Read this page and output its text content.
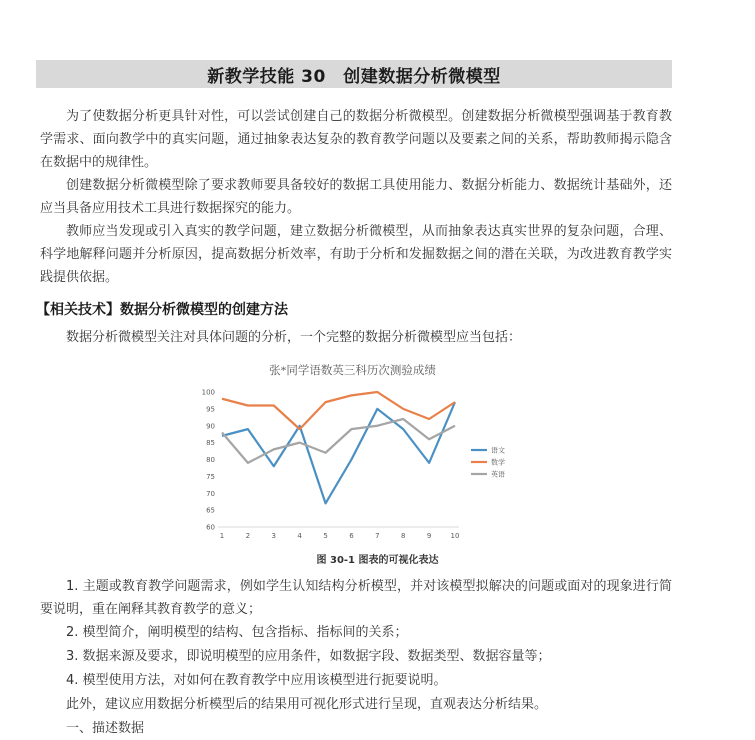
新教学技能 30　创建数据分析微模型

为了使数据分析更具针对性，可以尝试创建自己的数据分析微模型。创建数据分析微模型强调基于教育教学需求、面向教学中的真实问题，通过抽象表达复杂的教育教学问题以及要素之间的关系，帮助教师揭示隐含在数据中的规律性。

创建数据分析微模型除了要求教师要具备较好的数据工具使用能力、数据分析能力、数据统计基础外，还应当具备应用技术工具进行数据探究的能力。

教师应当发现或引入真实的教学问题，建立数据分析微模型，从而抽象表达真实世界的复杂问题，合理、科学地解释问题并分析原因，提高数据分析效率，有助于分析和发掘数据之间的潜在关联，为改进教育教学实践提供依据。

【相关技术】数据分析微模型的创建方法

数据分析微模型关注对具体问题的分析，一个完整的数据分析微模型应当包括：

张*同学语数英三科历次测验成绩
60
65
70
75
80
85
90
95
100
1	2	3	4	5	6	7	8	9	10
语文
数学
英语
图 30-1 图表的可视化表达

1. 主题或教育教学问题需求，例如学生认知结构分析模型，并对该模型拟解决的问题或面对的现象进行简要说明，重在阐释其教育教学的意义；

2. 模型简介，阐明模型的结构、包含指标、指标间的关系；

3. 数据来源及要求，即说明模型的应用条件，如数据字段、数据类型、数据容量等；

4. 模型使用方法，对如何在教育教学中应用该模型进行扼要说明。

此外，建议应用数据分析模型后的结果用可视化形式进行呈现，直观表达分析结果。

一、描述数据
